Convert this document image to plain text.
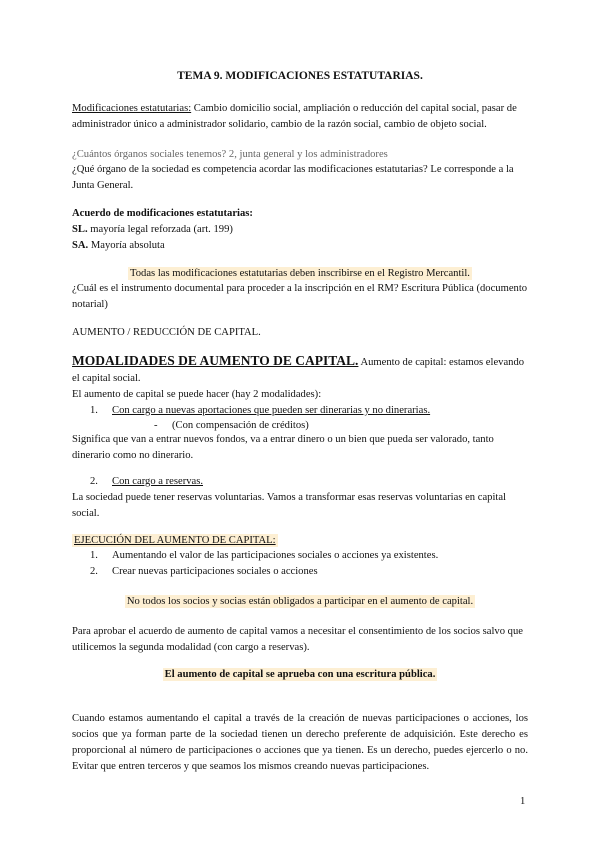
TEMA 9. MODIFICACIONES ESTATUTARIAS.
Modificaciones estatutarias: Cambio domicilio social, ampliación o reducción del capital social, pasar de administrador único a administrador solidario, cambio de la razón social, cambio de objeto social.
¿Cuántos órganos sociales tenemos? 2, junta general y los administradores
¿Qué órgano de la sociedad es competencia acordar las modificaciones estatutarias? Le corresponde a la Junta General.
Acuerdo de modificaciones estatutarias:
SL. mayoría legal reforzada (art. 199)
SA. Mayoría absoluta
Todas las modificaciones estatutarias deben inscribirse en el Registro Mercantil.
¿Cuál es el instrumento documental para proceder a la inscripción en el RM? Escritura Pública (documento notarial)
AUMENTO / REDUCCIÓN DE CAPITAL.
MODALIDADES DE AUMENTO DE CAPITAL. Aumento de capital: estamos elevando el capital social.
El aumento de capital se puede hacer (hay 2 modalidades):
1. Con cargo a nuevas aportaciones que pueden ser dinerarias y no dinerarias.
- (Con compensación de créditos)
Significa que van a entrar nuevos fondos, va a entrar dinero o un bien que pueda ser valorado, tanto dinerario como no dinerario.
2. Con cargo a reservas.
La sociedad puede tener reservas voluntarias. Vamos a transformar esas reservas voluntarias en capital social.
EJECUCIÓN DEL AUMENTO DE CAPITAL:
1. Aumentando el valor de las participaciones sociales o acciones ya existentes.
2. Crear nuevas participaciones sociales o acciones
No todos los socios y socias están obligados a participar en el aumento de capital.
Para aprobar el acuerdo de aumento de capital vamos a necesitar el consentimiento de los socios salvo que utilicemos la segunda modalidad (con cargo a reservas).
El aumento de capital se aprueba con una escritura pública.
Cuando estamos aumentando el capital a través de la creación de nuevas participaciones o acciones, los socios que ya forman parte de la sociedad tienen un derecho preferente de adquisición. Este derecho es proporcional al número de participaciones o acciones que ya tienen. Es un derecho, puedes ejercerlo o no. Evitar que entren terceros y que seamos los mismos creando nuevas participaciones.
1
